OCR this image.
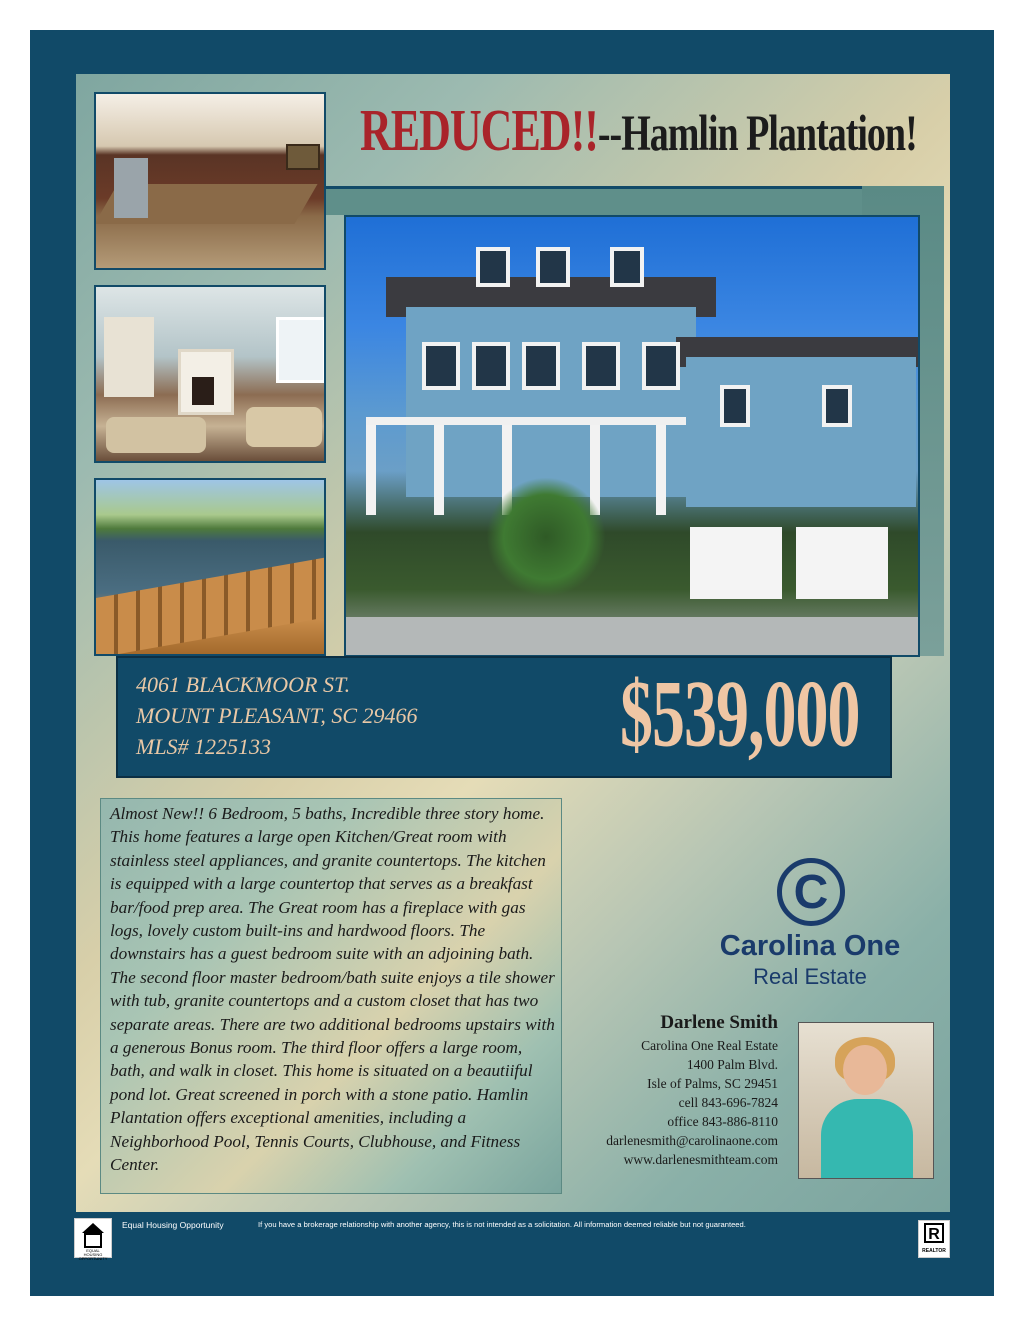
REDUCED!! --Hamlin Plantation!
4061 BLACKMOOR ST.
MOUNT PLEASANT, SC 29466
MLS# 1225133	$539,000
Almost New!! 6 Bedroom, 5 baths, Incredible three story home. This home features a large open Kitchen/Great room with stainless steel appliances, and granite countertops. The kitchen is equipped with a large countertop that serves as a breakfast bar/food prep area. The Great room has a fireplace with gas logs, lovely custom built-ins and hardwood floors. The downstairs has a guest bedroom suite with an adjoining bath. The second floor master bedroom/bath suite enjoys a tile shower with tub, granite countertops and a custom closet that has two separate areas. There are two additional bedrooms upstairs with a generous Bonus room. The third floor offers a large room, bath, and walk in closet. This home is situated on a beautiiful pond lot. Great screened in porch with a stone patio. Hamlin Plantation offers exceptional amenities, including a Neighborhood Pool, Tennis Courts, Clubhouse, and Fitness Center.
C
Carolina One
Real Estate
Darlene Smith
Carolina One Real Estate
1400 Palm Blvd.
Isle of Palms, SC 29451
cell 843-696-7824
office 843-886-8110
darlenesmith@carolinaone.com
www.darlenesmithteam.com
EQUAL HOUSING OPPORTUNITY
Equal Housing Opportunity	If you have a brokerage relationship with another agency, this is not intended as a solicitation. All information deemed reliable but not guaranteed.
R
REALTOR
